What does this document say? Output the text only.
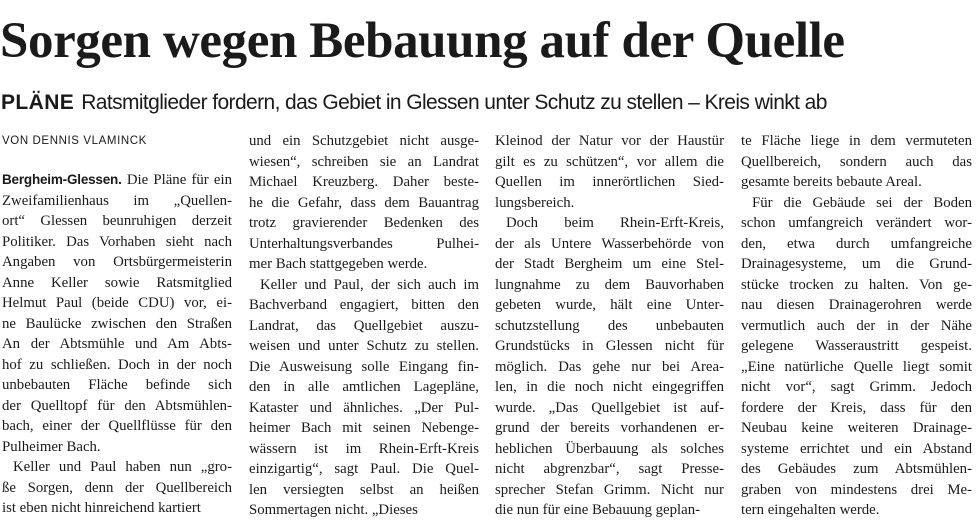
Sorgen wegen Bebauung auf der Quelle
PLÄNE Ratsmitglieder fordern, das Gebiet in Glessen unter Schutz zu stellen – Kreis winkt ab
VON DENNIS VLAMINCK
Bergheim-Glessen. Die Pläne für ein
Zweifamilienhaus im „Quellen-
ort“ Glessen beunruhigen derzeit
Politiker. Das Vorhaben sieht nach
Angaben von Ortsbürgermeisterin
Anne Keller sowie Ratsmitglied
Helmut Paul (beide CDU) vor, ei-
ne Baulücke zwischen den Straßen
An der Abtsmühle und Am Abts-
hof zu schließen. Doch in der noch
unbebauten Fläche befinde sich
der Quelltopf für den Abtsmühlen-
bach, einer der Quellflüsse für den
Pulheimer Bach.
Keller und Paul haben nun „gro-
ße Sorgen, denn der Quellbereich
ist eben nicht hinreichend kartiert
und ein Schutzgebiet nicht ausge-
wiesen“, schreiben sie an Landrat
Michael Kreuzberg. Daher beste-
he die Gefahr, dass dem Bauantrag
trotz gravierender Bedenken des
Unterhaltungsverbandes Pulhei-
mer Bach stattgegeben werde.
Keller und Paul, der sich auch im
Bachverband engagiert, bitten den
Landrat, das Quellgebiet auszu-
weisen und unter Schutz zu stellen.
Die Ausweisung solle Eingang fin-
den in alle amtlichen Lagepläne,
Kataster und ähnliches. „Der Pul-
heimer Bach mit seinen Nebenge-
wässern ist im Rhein-Erft-Kreis
einzigartig“, sagt Paul. Die Quel-
len versiegten selbst an heißen
Sommertagen nicht. „Dieses
Kleinod der Natur vor der Haustür
gilt es zu schützen“, vor allem die
Quellen im innerörtlichen Sied-
lungsbereich.
Doch beim Rhein-Erft-Kreis,
der als Untere Wasserbehörde von
der Stadt Bergheim um eine Stel-
lungnahme zu dem Bauvorhaben
gebeten wurde, hält eine Unter-
schutzstellung des unbebauten
Grundstücks in Glessen nicht für
möglich. Das gehe nur bei Area-
len, in die noch nicht eingegriffen
wurde. „Das Quellgebiet ist auf-
grund der bereits vorhandenen er-
heblichen Überbauung als solches
nicht abgrenzbar“, sagt Presse-
sprecher Stefan Grimm. Nicht nur
die nun für eine Bebauung geplan-
te Fläche liege in dem vermuteten
Quellbereich, sondern auch das
gesamte bereits bebaute Areal.
Für die Gebäude sei der Boden
schon umfangreich verändert wor-
den, etwa durch umfangreiche
Drainagesysteme, um die Grund-
stücke trocken zu halten. Von ge-
nau diesen Drainagerohren werde
vermutlich auch der in der Nähe
gelegene Wasseraustritt gespeist.
„Eine natürliche Quelle liegt somit
nicht vor“, sagt Grimm. Jedoch
fordere der Kreis, dass für den
Neubau keine weiteren Drainage-
systeme errichtet und ein Abstand
des Gebäudes zum Abtsmühlen-
graben von mindestens drei Me-
tern eingehalten werde.
